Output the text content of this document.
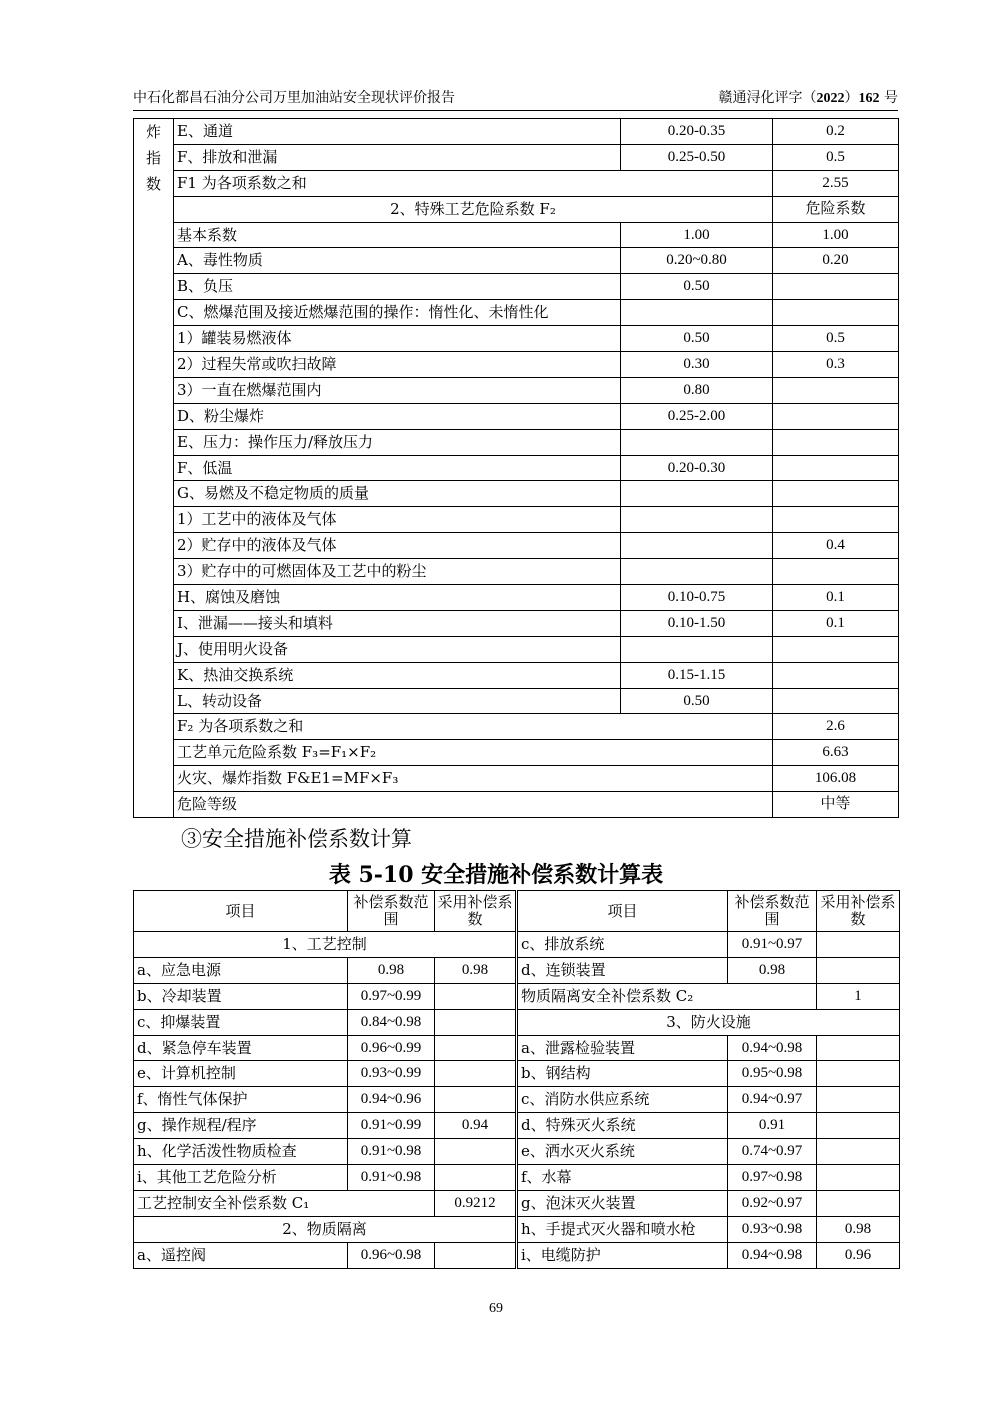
中石化都昌石油分公司万里加油站安全现状评价报告	赣通浔化评字（2022）162 号
炸
指
数	E、通道	0.20-0.35	0.2
	F、排放和泄漏	0.25-0.50	0.5
	F1 为各项系数之和		2.55
	2、特殊工艺危险系数 F₂		危险系数
	基本系数	1.00	1.00
	A、毒性物质	0.20~0.80	0.20
	B、负压	0.50	
	C、燃爆范围及接近燃爆范围的操作：惰性化、未惰性化		
	1）罐装易燃液体	0.50	0.5
	2）过程失常或吹扫故障	0.30	0.3
	3）一直在燃爆范围内	0.80	
	D、粉尘爆炸	0.25-2.00	
	E、压力：操作压力/释放压力		
	F、低温	0.20-0.30	
	G、易燃及不稳定物质的质量		
	1）工艺中的液体及气体		
	2）贮存中的液体及气体		0.4
	3）贮存中的可燃固体及工艺中的粉尘		
	H、腐蚀及磨蚀	0.10-0.75	0.1
	I、泄漏——接头和填料	0.10-1.50	0.1
	J、使用明火设备		
	K、热油交换系统	0.15-1.15	
	L、转动设备	0.50	
	F₂ 为各项系数之和		2.6
	工艺单元危险系数 F₃=F₁×F₂		6.63
	火灾、爆炸指数 F&E1=MF×F₃		106.08
	危险等级		中等
③安全措施补偿系数计算
表 5-10 安全措施补偿系数计算表
项目	补偿系数范围	采用补偿系数	项目	补偿系数范围	采用补偿系数
1、工艺控制			c、排放系统	0.91~0.97	
a、应急电源	0.98	0.98	d、连锁装置	0.98	
b、冷却装置	0.97~0.99		物质隔离安全补偿系数 C₂		1
c、抑爆装置	0.84~0.98		3、防火设施		
d、紧急停车装置	0.96~0.99		a、泄露检验装置	0.94~0.98	
e、计算机控制	0.93~0.99		b、钢结构	0.95~0.98	
f、惰性气体保护	0.94~0.96		c、消防水供应系统	0.94~0.97	
g、操作规程/程序	0.91~0.99	0.94	d、特殊灭火系统	0.91	
h、化学活泼性物质检查	0.91~0.98		e、洒水灭火系统	0.74~0.97	
i、其他工艺危险分析	0.91~0.98		f、水幕	0.97~0.98	
工艺控制安全补偿系数 C₁		0.9212	g、泡沫灭火装置	0.92~0.97	
2、物质隔离			h、手提式灭火器和喷水枪	0.93~0.98	0.98
a、遥控阀	0.96~0.98		i、电缆防护	0.94~0.98	0.96
69
